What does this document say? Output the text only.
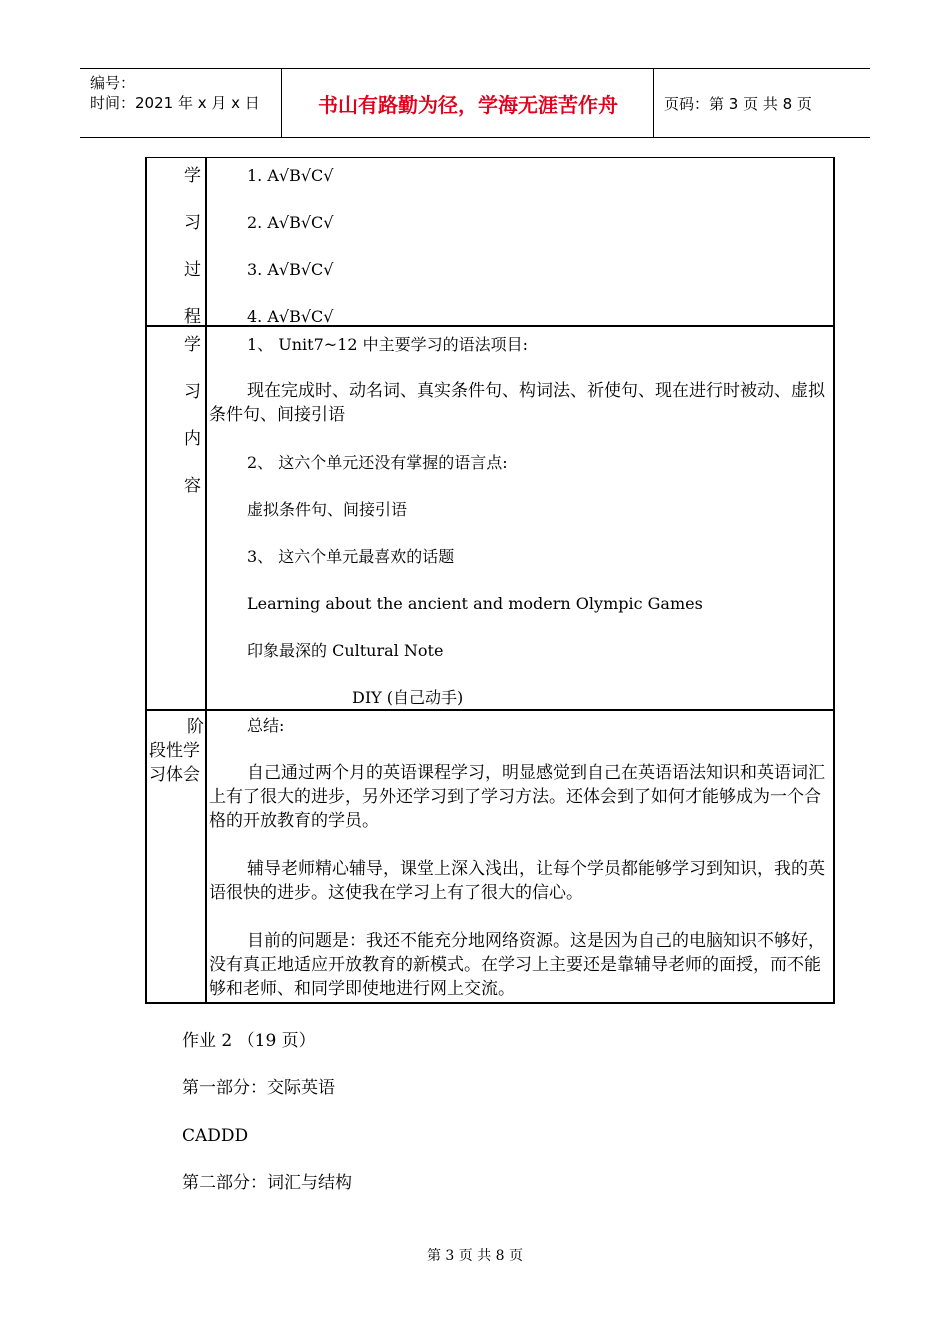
编号：
时间：2021 年 x 月 x 日	书山有路勤为径，学海无涯苦作舟	页码：第 3 页 共 8 页
学
习
过
程
1. A√B√C√
2. A√B√C√
3. A√B√C√
4. A√B√C√
学
习
内
容
1、 Unit7~12 中主要学习的语法项目:
现在完成时、动名词、真实条件句、构词法、祈使句、现在进行时被动、虚拟条件句、间接引语
2、 这六个单元还没有掌握的语言点:
虚拟条件句、间接引语
3、 这六个单元最喜欢的话题
Learning about the ancient and modern Olympic Games
印象最深的 Cultural Note
DIY (自己动手)
阶段性学习体会
总结:
自己通过两个月的英语课程学习，明显感觉到自己在英语语法知识和英语词汇上有了很大的进步，另外还学习到了学习方法。还体会到了如何才能够成为一个合格的开放教育的学员。
辅导老师精心辅导，课堂上深入浅出，让每个学员都能够学习到知识，我的英语很快的进步。这使我在学习上有了很大的信心。
目前的问题是：我还不能充分地网络资源。这是因为自己的电脑知识不够好，没有真正地适应开放教育的新模式。在学习上主要还是靠辅导老师的面授，而不能够和老师、和同学即使地进行网上交流。
作业 2 （19 页）
第一部分：交际英语
CADDD
第二部分：词汇与结构
第 3 页 共 8 页
